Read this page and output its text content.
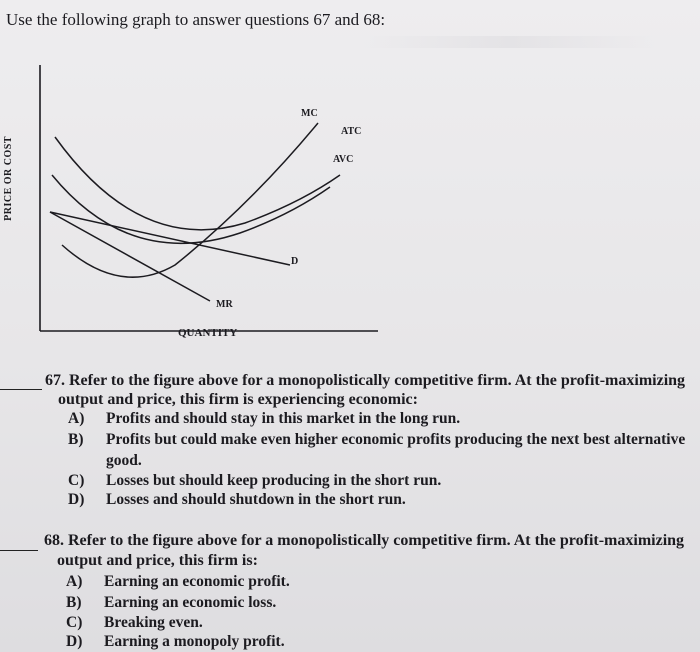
Use the following graph to answer questions 67 and 68:
PRICE OR COST
MC
ATC
AVC
D
MR
QUANTITY
67. Refer to the figure above for a monopolistically competitive firm. At the profit-maximizing
output and price, this firm is experiencing economic:
A) Profits and should stay in this market in the long run.
B) Profits but could make even higher economic profits producing the next best alternative
good.
C) Losses but should keep producing in the short run.
D) Losses and should shutdown in the short run.
68. Refer to the figure above for a monopolistically competitive firm. At the profit-maximizing
output and price, this firm is:
A) Earning an economic profit.
B) Earning an economic loss.
C) Breaking even.
D) Earning a monopoly profit.
